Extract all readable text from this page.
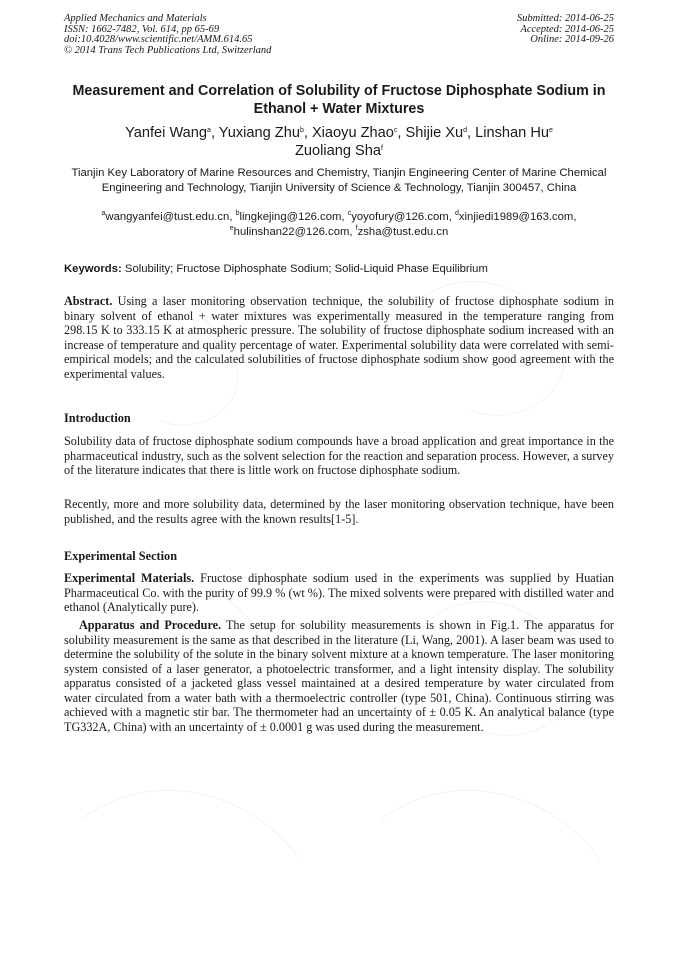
Applied Mechanics and Materials
ISSN: 1662-7482, Vol. 614, pp 65-69
doi:10.4028/www.scientific.net/AMM.614.65
© 2014 Trans Tech Publications Ltd, Switzerland
Submitted: 2014-06-25
Accepted: 2014-06-25
Online: 2014-09-26
Measurement and Correlation of Solubility of Fructose Diphosphate Sodium in Ethanol + Water Mixtures
Yanfei Wang$^a$, Yuxiang Zhu$^b$, Xiaoyu Zhao$^c$, Shijie Xu$^d$, Linshan Hu$^e$
Zuoliang Sha$^f$
Tianjin Key Laboratory of Marine Resources and Chemistry, Tianjin Engineering Center of Marine Chemical Engineering and Technology, Tianjin University of Science & Technology, Tianjin 300457, China
$^a$wangyanfei@tust.edu.cn, $^b$lingkejing@126.com, $^c$yoyofury@126.com, $^d$xinjiedi1989@163.com,
$^e$hulinshan22@126.com, $^f$zsha@tust.edu.cn
Keywords: Solubility; Fructose Diphosphate Sodium; Solid-Liquid Phase Equilibrium
Abstract. Using a laser monitoring observation technique, the solubility of fructose diphosphate sodium in binary solvent of ethanol + water mixtures was experimentally measured in the temperature ranging from 298.15 K to 333.15 K at atmospheric pressure. The solubility of fructose diphosphate sodium increased with an increase of temperature and quality percentage of water. Experimental solubility data were correlated with semi-empirical models; and the calculated solubilities of fructose diphosphate sodium show good agreement with the experimental values.
Introduction
Solubility data of fructose diphosphate sodium compounds have a broad application and great importance in the pharmaceutical industry, such as the solvent selection for the reaction and separation process. However, a survey of the literature indicates that there is little work on fructose diphosphate sodium.
Recently, more and more solubility data, determined by the laser monitoring observation technique, have been published, and the results agree with the known results[1-5].
Experimental Section
Experimental Materials. Fructose diphosphate sodium used in the experiments was supplied by Huatian Pharmaceutical Co. with the purity of 99.9 % (wt %). The mixed solvents were prepared with distilled water and ethanol (Analytically pure).
Apparatus and Procedure. The setup for solubility measurements is shown in Fig.1. The apparatus for solubility measurement is the same as that described in the literature (Li, Wang, 2001). A laser beam was used to determine the solubility of the solute in the binary solvent mixture at a known temperature. The laser monitoring system consisted of a laser generator, a photoelectric transformer, and a light intensity display. The solubility apparatus consisted of a jacketed glass vessel maintained at a desired temperature by water circulated from water circulated from a water bath with a thermoelectric controller (type 501, China). Continuous stirring was achieved with a magnetic stir bar. The thermometer had an uncertainty of ± 0.05 K. An analytical balance (type TG332A, China) with an uncertainty of ± 0.0001 g was used during the measurement.
